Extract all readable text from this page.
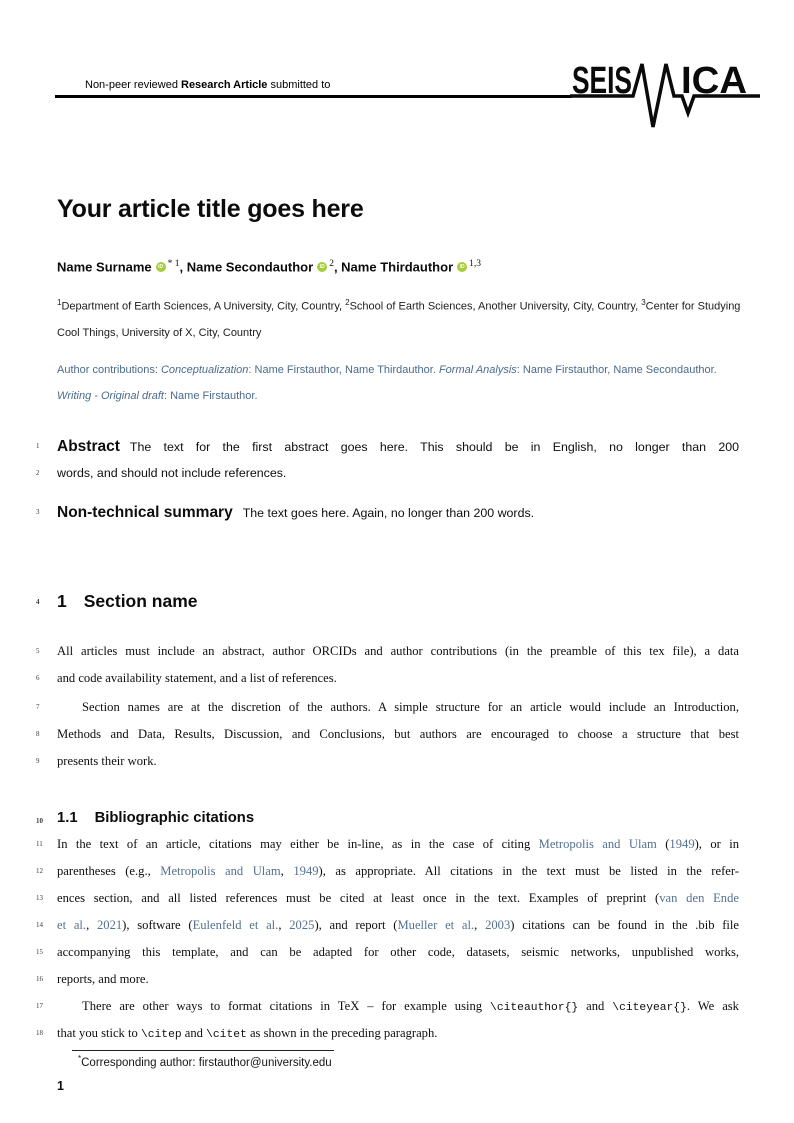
Non-peer reviewed Research Article submitted to	SEIS ICA
Your article title goes here
Name Surname iD $^{* 1}$, Name Secondauthor iD $^2$, Name Thirdauthor iD $^{1,3}$
$^1$Department of Earth Sciences, A University, City, Country, $^2$School of Earth Sciences, Another University, City, Country, $^3$Center for Studying Cool Things, University of X, City, Country
Author contributions: Conceptualization: Name Firstauthor, Name Thirdauthor. Formal Analysis: Name Firstauthor, Name Secondauthor. Writing - Original draft: Name Firstauthor.
1	Abstract The text for the first abstract goes here. This should be in English, no longer than 200
2	words, and should not include references.
3	Non-technical summary The text goes here. Again, no longer than 200 words.
4	1 Section name
5	All articles must include an abstract, author ORCIDs and author contributions (in the preamble of this tex file), a data
6	and code availability statement, and a list of references.
7	Section names are at the discretion of the authors. A simple structure for an article would include an Introduction,
8	Methods and Data, Results, Discussion, and Conclusions, but authors are encouraged to choose a structure that best
9	presents their work.
10 1.1 Bibliographic citations
11	In the text of an article, citations may either be in-line, as in the case of citing Metropolis and Ulam (1949), or in
12	parentheses (e.g., Metropolis and Ulam, 1949), as appropriate. All citations in the text must be listed in the refer-
13	ences section, and all listed references must be cited at least once in the text. Examples of preprint (van den Ende
14	et al., 2021), software (Eulenfeld et al., 2025), and report (Mueller et al., 2003) citations can be found in the .bib file
15	accompanying this template, and can be adapted for other code, datasets, seismic networks, unpublished works,
16	reports, and more.
17	There are other ways to format citations in TeX – for example using \citeauthor{} and \citeyear{}. We ask
18	that you stick to \citep and \citet as shown in the preceding paragraph.
*Corresponding author: firstauthor@university.edu
1
